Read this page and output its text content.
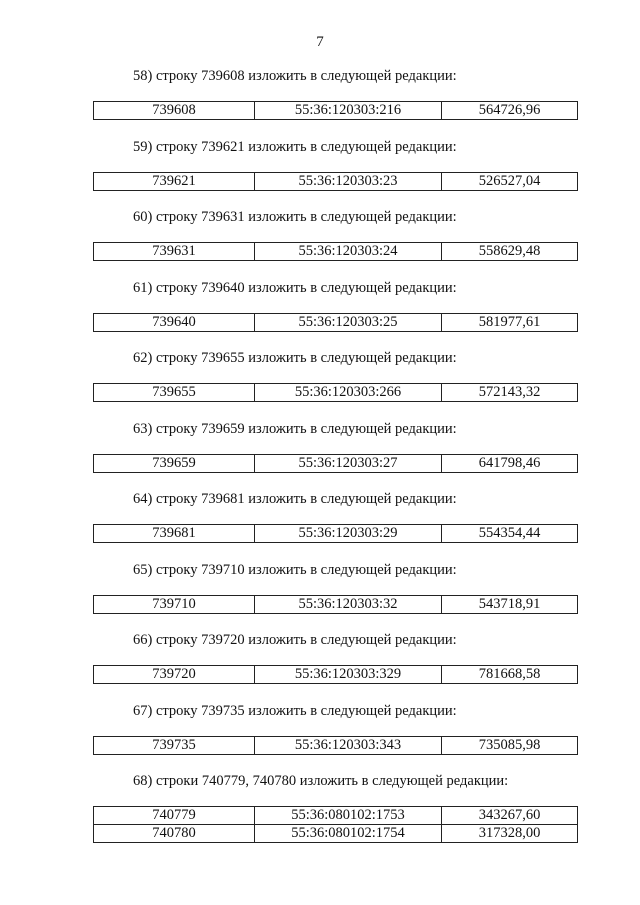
7
58) строку 739608 изложить в следующей редакции:
739608	55:36:120303:216	564726,96
59) строку 739621 изложить в следующей редакции:
739621	55:36:120303:23	526527,04
60) строку 739631 изложить в следующей редакции:
739631	55:36:120303:24	558629,48
61) строку 739640 изложить в следующей редакции:
739640	55:36:120303:25	581977,61
62) строку 739655 изложить в следующей редакции:
739655	55:36:120303:266	572143,32
63) строку 739659 изложить в следующей редакции:
739659	55:36:120303:27	641798,46
64) строку 739681 изложить в следующей редакции:
739681	55:36:120303:29	554354,44
65) строку 739710 изложить в следующей редакции:
739710	55:36:120303:32	543718,91
66) строку 739720 изложить в следующей редакции:
739720	55:36:120303:329	781668,58
67) строку 739735 изложить в следующей редакции:
739735	55:36:120303:343	735085,98
68) строки 740779, 740780 изложить в следующей редакции:
740779	55:36:080102:1753	343267,60
740780	55:36:080102:1754	317328,00
